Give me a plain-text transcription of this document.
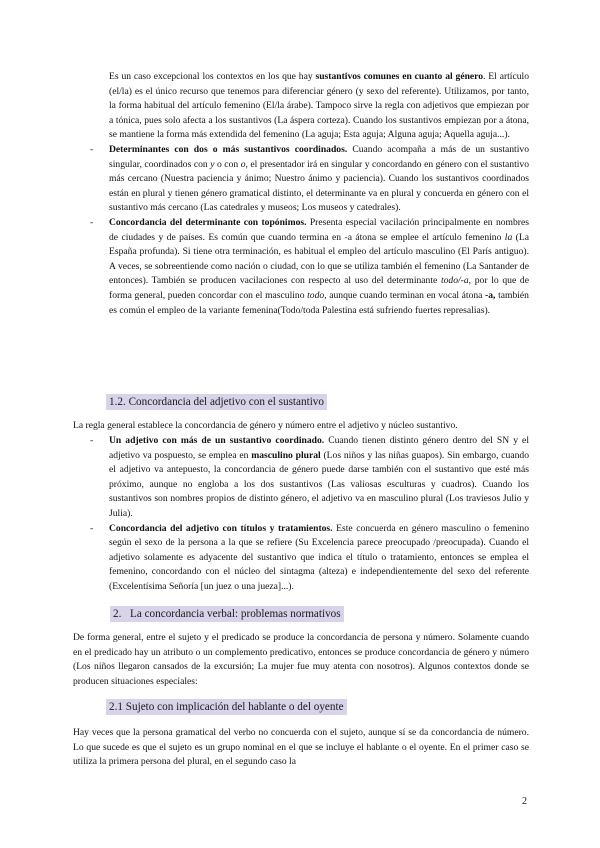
Es un caso excepcional los contextos en los que hay sustantivos comunes en cuanto al género. El artículo (el/la) es el único recurso que tenemos para diferenciar género (y sexo del referente). Utilizamos, por tanto, la forma habitual del artículo femenino (El/la árabe). Tampoco sirve la regla con adjetivos que empiezan por a tónica, pues solo afecta a los sustantivos (La áspera corteza). Cuando los sustantivos empiezan por a átona, se mantiene la forma más extendida del femenino (La aguja; Esta aguja; Alguna aguja; Aquella aguja...).

- Determinantes con dos o más sustantivos coordinados. Cuando acompaña a más de un sustantivo singular, coordinados con y o con o, el presentador irá en singular y concordando en género con el sustantivo más cercano (Nuestra paciencia y ánimo; Nuestro ánimo y paciencia). Cuando los sustantivos coordinados están en plural y tienen género gramatical distinto, el determinante va en plural y concuerda en género con el sustantivo más cercano (Las catedrales y museos; Los museos y catedrales).
- Concordancia del determinante con topónimos. Presenta especial vacilación principalmente en nombres de ciudades y de países. Es común que cuando termina en -a átona se emplee el artículo femenino la (La España profunda). Si tiene otra terminación, es habitual el empleo del artículo masculino (El París antiguo). A veces, se sobreentiende como nación o ciudad, con lo que se utiliza también el femenino (La Santander de entonces). También se producen vacilaciones con respecto al uso del determinante todo/-a, por lo que de forma general, pueden concordar con el masculino todo, aunque cuando terminan en vocal átona -a, también es común el empleo de la variante femenina(Todo/toda Palestina está sufriendo fuertes represalias).
1.2. Concordancia del adjetivo con el sustantivo

La regla general establece la concordancia de género y número entre el adjetivo y núcleo sustantivo.

- Un adjetivo con más de un sustantivo coordinado. Cuando tienen distinto género dentro del SN y el adjetivo va pospuesto, se emplea en masculino plural (Los niños y las niñas guapos). Sin embargo, cuando el adjetivo va antepuesto, la concordancia de género puede darse también con el sustantivo que esté más próximo, aunque no engloba a los dos sustantivos (Las valiosas esculturas y cuadros). Cuando los sustantivos son nombres propios de distinto género, el adjetivo va en masculino plural (Los traviesos Julio y Julia).
- Concordancia del adjetivo con títulos y tratamientos. Este concuerda en género masculino o femenino según el sexo de la persona a la que se refiere (Su Excelencia parece preocupado /preocupada). Cuando el adjetivo solamente es adyacente del sustantivo que indica el título o tratamiento, entonces se emplea el femenino, concordando con el núcleo del sintagma (alteza) e independientemente del sexo del referente (Excelentísima Señoría [un juez o una jueza]...).
2. La concordancia verbal: problemas normativos

De forma general, entre el sujeto y el predicado se produce la concordancia de persona y número. Solamente cuando en el predicado hay un atributo o un complemento predicativo, entonces se produce concordancia de género y número (Los niños llegaron cansados de la excursión; La mujer fue muy atenta con nosotros). Algunos contextos donde se producen situaciones especiales:

2.1 Sujeto con implicación del hablante o del oyente

Hay veces que la persona gramatical del verbo no concuerda con el sujeto, aunque sí se da concordancia de número. Lo que sucede es que el sujeto es un grupo nominal en el que se incluye el hablante o el oyente. En el primer caso se utiliza la primera persona del plural, en el segundo caso la

2
